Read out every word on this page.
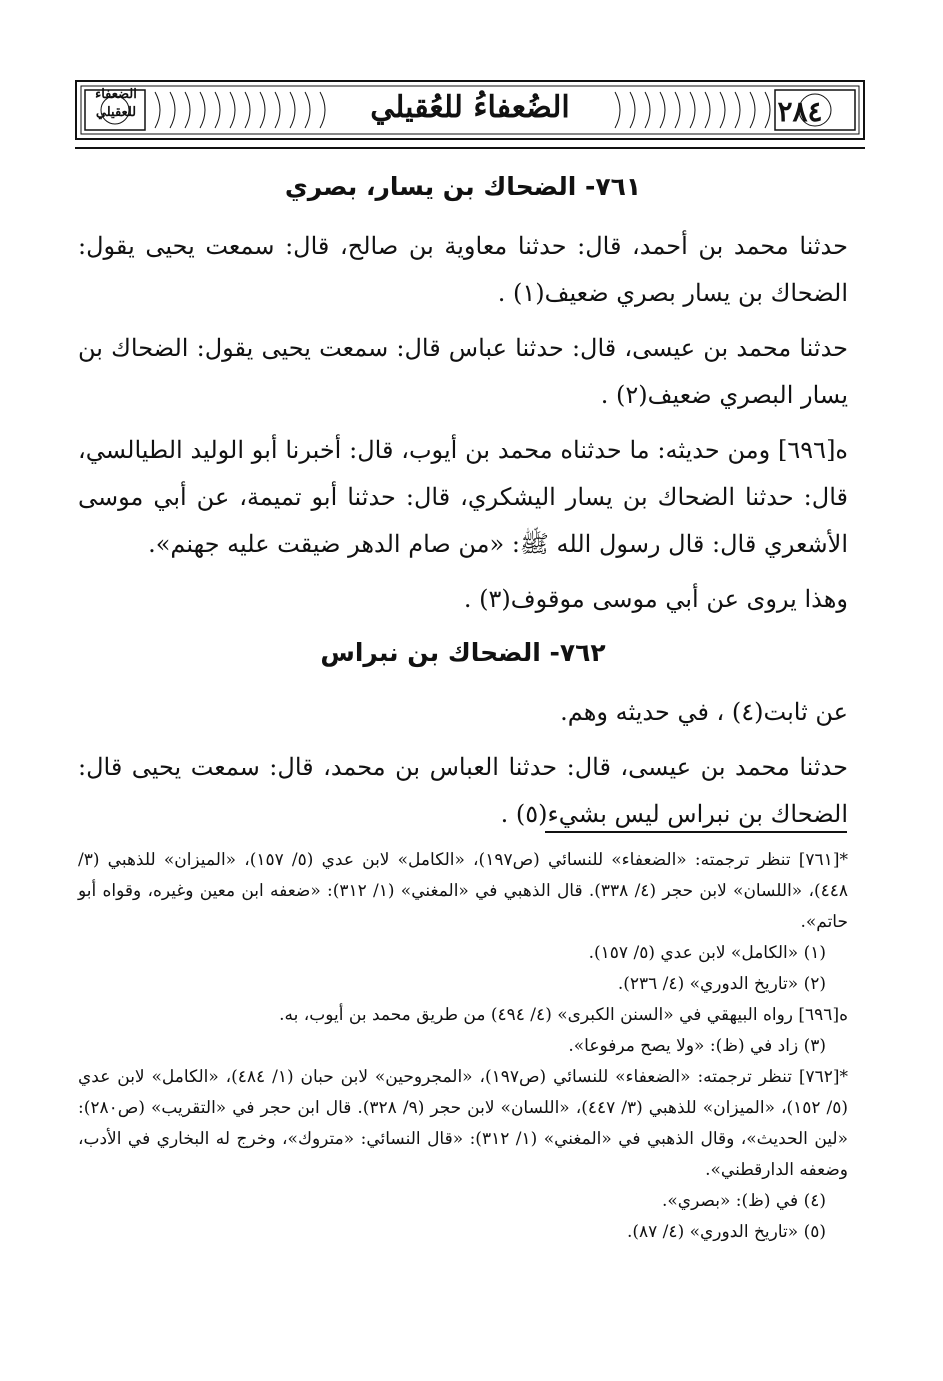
الضعفاء للعقيلي	الضُعفاءُ للعُقيلي	٢٨٤
٧٦١- الضحاك بن يسار، بصري

حدثنا محمد بن أحمد، قال: حدثنا معاوية بن صالح، قال: سمعت يحيى يقول: الضحاك بن يسار بصري ضعيف(١) .

حدثنا محمد بن عيسى، قال: حدثنا عباس قال: سمعت يحيى يقول: الضحاك بن يسار البصري ضعيف(٢) .

ه[٦٩٦] ومن حديثه: ما حدثناه محمد بن أيوب، قال: أخبرنا أبو الوليد الطيالسي، قال: حدثنا الضحاك بن يسار اليشكري، قال: حدثنا أبو تميمة، عن أبي موسى الأشعري قال: قال رسول الله ﷺ: «من صام الدهر ضيقت عليه جهنم».

وهذا يروى عن أبي موسى موقوف(٣) .

٧٦٢- الضحاك بن نبراس

عن ثابت(٤) ، في حديثه وهم.

حدثنا محمد بن عيسى، قال: حدثنا العباس بن محمد، قال: سمعت يحيى قال: الضحاك بن نبراس ليس بشيء(٥) .

*[٧٦١] تنظر ترجمته: «الضعفاء» للنسائي (ص١٩٧)، «الكامل» لابن عدي (٥/ ١٥٧)، «الميزان» للذهبي (٣/ ٤٤٨)، «اللسان» لابن حجر (٤/ ٣٣٨). قال الذهبي في «المغني» (١/ ٣١٢): «ضعفه ابن معين وغيره، وقواه أبو حاتم».

(١) «الكامل» لابن عدي (٥/ ١٥٧).

(٢) «تاريخ الدوري» (٤/ ٢٣٦).

ه[٦٩٦] رواه البيهقي في «السنن الكبرى» (٤/ ٤٩٤) من طريق محمد بن أيوب، به.

(٣) زاد في (ظ): «ولا يصح مرفوعا».

*[٧٦٢] تنظر ترجمته: «الضعفاء» للنسائي (ص١٩٧)، «المجروحين» لابن حبان (١/ ٤٨٤)، «الكامل» لابن عدي (٥/ ١٥٢)، «الميزان» للذهبي (٣/ ٤٤٧)، «اللسان» لابن حجر (٩/ ٣٢٨). قال ابن حجر في «التقريب» (ص٢٨٠): «لين الحديث»، وقال الذهبي في «المغني» (١/ ٣١٢): «قال النسائي: «متروك»، وخرج له البخاري في الأدب، وضعفه الدارقطني».

(٤) في (ظ): «بصري».

(٥) «تاريخ الدوري» (٤/ ٨٧).
